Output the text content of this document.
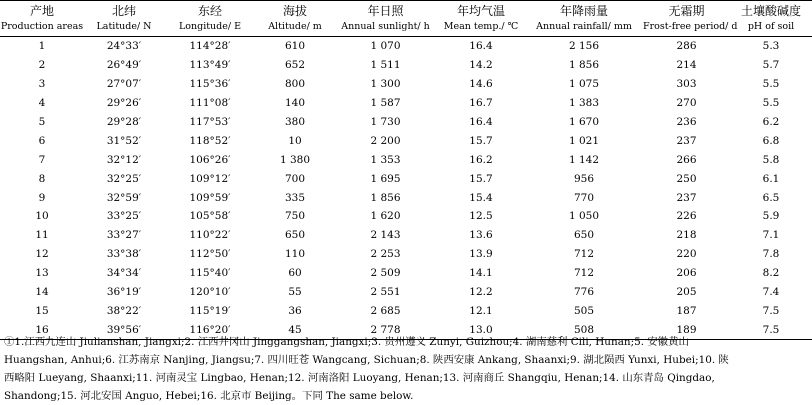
产地	北纬	东经	海拔	年日照	年均气温	年降雨量	无霜期	土壤酸碱度
Production areas	Latitude/ N	Longitude/ E	Altitude/ m	Annual sunlight/ h	Mean temp./ ℃	Annual rainfall/ mm	Frost-free period/ d	pH of soil
1	24°33′	114°28′	610	1 070	16.4	2 156	286	5.3
2	26°49′	113°49′	652	1 511	14.2	1 856	214	5.7
3	27°07′	115°36′	800	1 300	14.6	1 075	303	5.5
4	29°26′	111°08′	140	1 587	16.7	1 383	270	5.5
5	29°28′	117°53′	380	1 730	16.4	1 670	236	6.2
6	31°52′	118°52′	10	2 200	15.7	1 021	237	6.8
7	32°12′	106°26′	1 380	1 353	16.2	1 142	266	5.8
8	32°25′	109°12′	700	1 695	15.7	956	250	6.1
9	32°59′	109°59′	335	1 856	15.4	770	237	6.5
10	33°25′	105°58′	750	1 620	12.5	1 050	226	5.9
11	33°27′	110°22′	650	2 143	13.6	650	218	7.1
12	33°38′	112°50′	110	2 253	13.9	712	220	7.8
13	34°34′	115°40′	60	2 509	14.1	712	206	8.2
14	36°19′	120°10′	55	2 551	12.2	776	205	7.4
15	38°22′	115°19′	36	2 685	12.1	505	187	7.5
16	39°56′	116°20′	45	2 778	13.0	508	189	7.5
①1.江西九连山 Jiulianshan, Jiangxi;2. 江西井冈山 Jinggangshan, Jiangxi;3. 贵州遵义 Zunyi, Guizhou;4. 湖南慈利 Cili, Hunan;5. 安徽黄山
Huangshan, Anhui;6. 江苏南京 Nanjing, Jiangsu;7. 四川旺苍 Wangcang, Sichuan;8. 陕西安康 Ankang, Shaanxi;9. 湖北陨西 Yunxi, Hubei;10. 陕
西略阳 Lueyang, Shaanxi;11. 河南灵宝 Lingbao, Henan;12. 河南洛阳 Luoyang, Henan;13. 河南商丘 Shangqiu, Henan;14. 山东青岛 Qingdao,
Shandong;15. 河北安国 Anguo, Hebei;16. 北京市 Beijing。下同 The same below.
